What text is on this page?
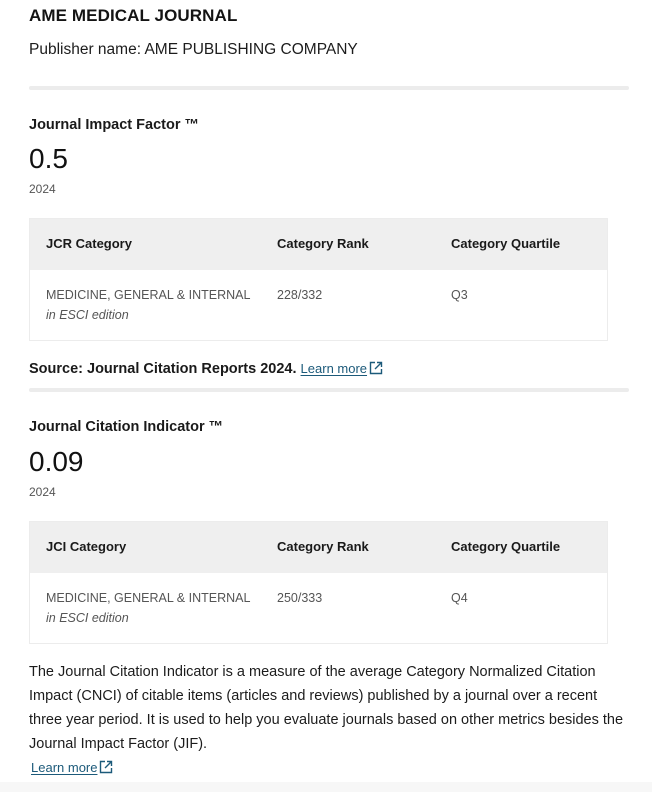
AME MEDICAL JOURNAL
Publisher name: AME PUBLISHING COMPANY
Journal Impact Factor ™
0.5
2024
JCR Category	Category Rank	Category Quartile
MEDICINE, GENERAL & INTERNAL
in ESCI edition
228/332	Q3
Source: Journal Citation Reports 2024. Learn more
Journal Citation Indicator ™
0.09
2024
JCI Category	Category Rank	Category Quartile
MEDICINE, GENERAL & INTERNAL
in ESCI edition
250/333	Q4
The Journal Citation Indicator is a measure of the average Category Normalized Citation Impact (CNCI) of citable items (articles and reviews) published by a journal over a recent three year period. It is used to help you evaluate journals based on other metrics besides the Journal Impact Factor (JIF).
Learn more
